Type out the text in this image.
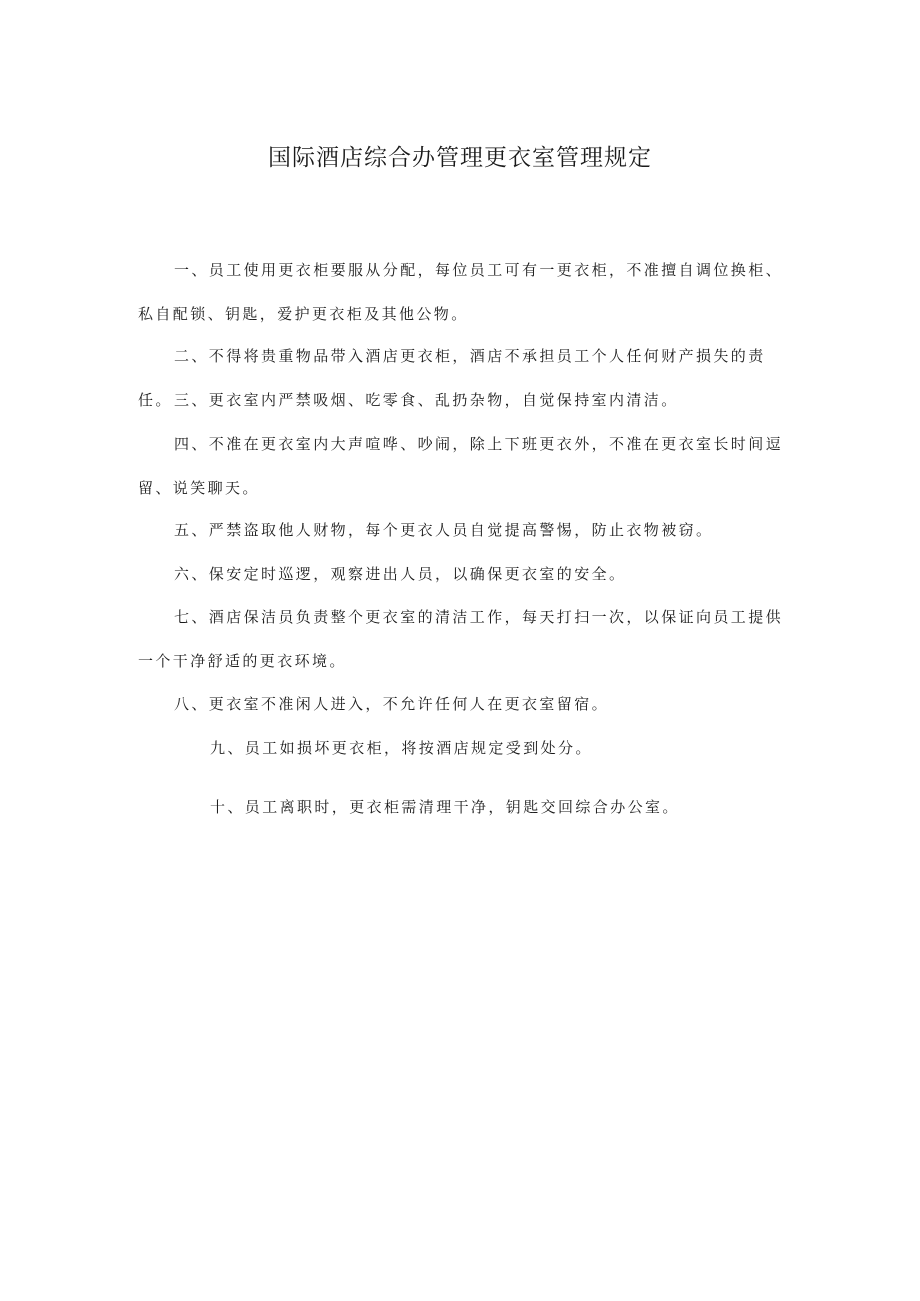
国际酒店综合办管理更衣室管理规定
一、员工使用更衣柜要服从分配，每位员工可有一更衣柜，不准擅自调位换柜、私自配锁、钥匙，爱护更衣柜及其他公物。
二、不得将贵重物品带入酒店更衣柜，酒店不承担员工个人任何财产损失的责任。 三、更衣室内严禁吸烟、吃零食、乱扔杂物，自觉保持室内清洁。
四、不准在更衣室内大声喧哗、吵闹，除上下班更衣外，不准在更衣室长时间逗留、说笑聊天。
五、严禁盗取他人财物，每个更衣人员自觉提高警惕，防止衣物被窃。
六、保安定时巡逻，观察进出人员，以确保更衣室的安全。
七、酒店保洁员负责整个更衣室的清洁工作，每天打扫一次，以保证向员工提供一个干净舒适的更衣环境。
八、更衣室不准闲人进入，不允许任何人在更衣室留宿。
九、员工如损坏更衣柜，将按酒店规定受到处分。
十、员工离职时，更衣柜需清理干净，钥匙交回综合办公室。
